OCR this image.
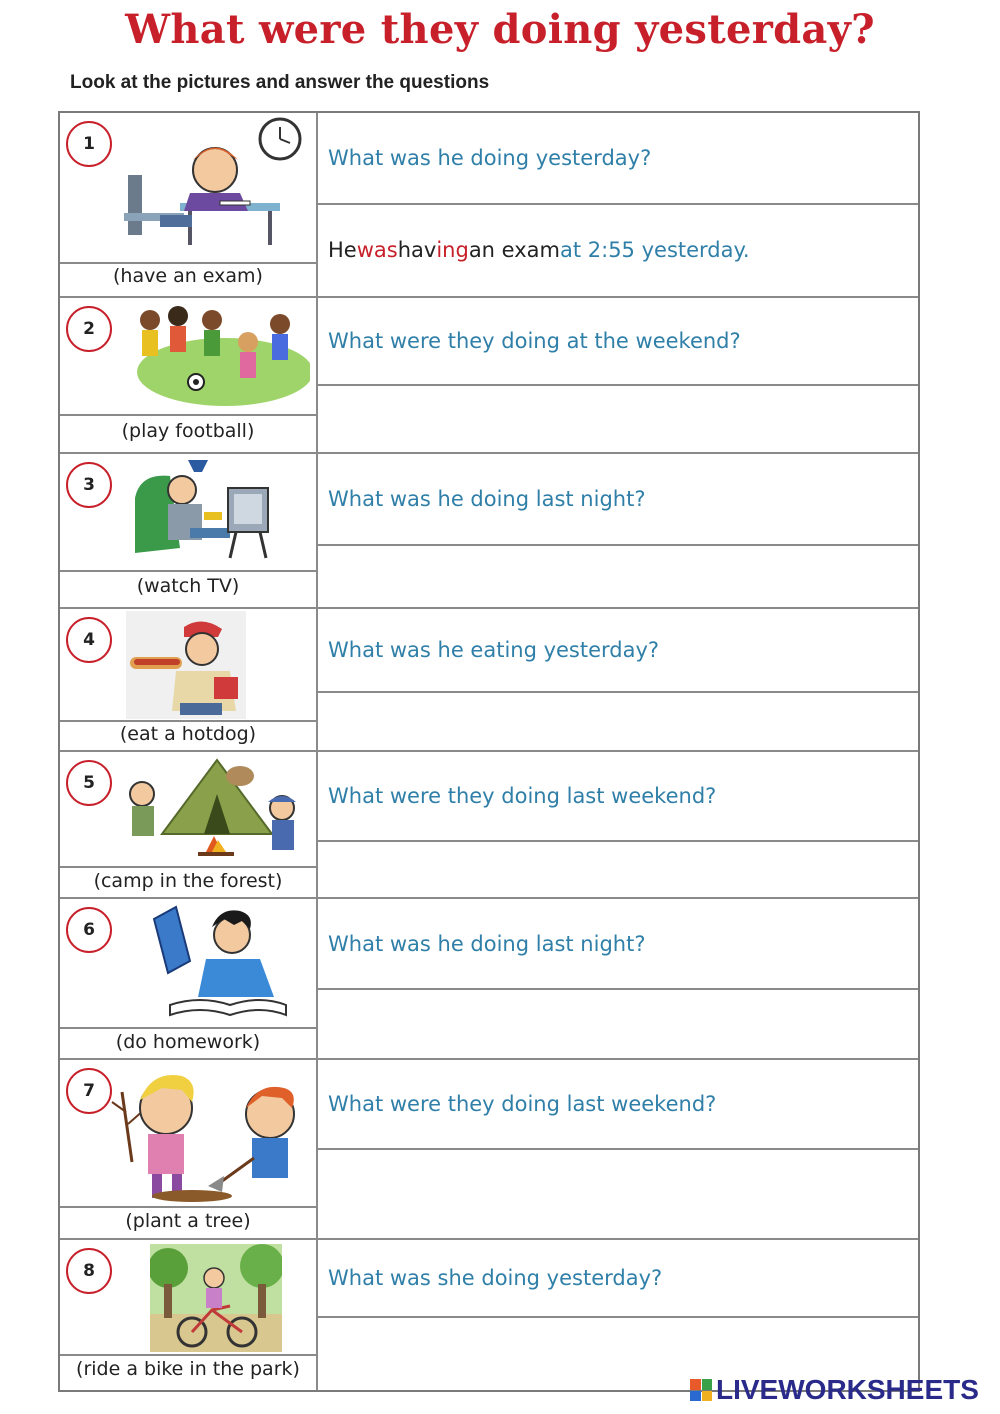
What were they doing yesterday?
Look at the pictures and answer the questions
1
(have an exam)
What was he doing yesterday?
He was hav ing an exam at 2:55 yesterday.
2
(play football)
What were they doing at the weekend?
3
(watch TV)
What was he doing last night?
4
(eat a hotdog)
What was he eating yesterday?
5
(camp in the forest)
What were they doing last weekend?
6
(do homework)
What was he doing last night?
7
(plant a tree)
What were they doing last weekend?
8
(ride a bike in the park)
What was she doing yesterday?
LIVEWORKSHEETS
